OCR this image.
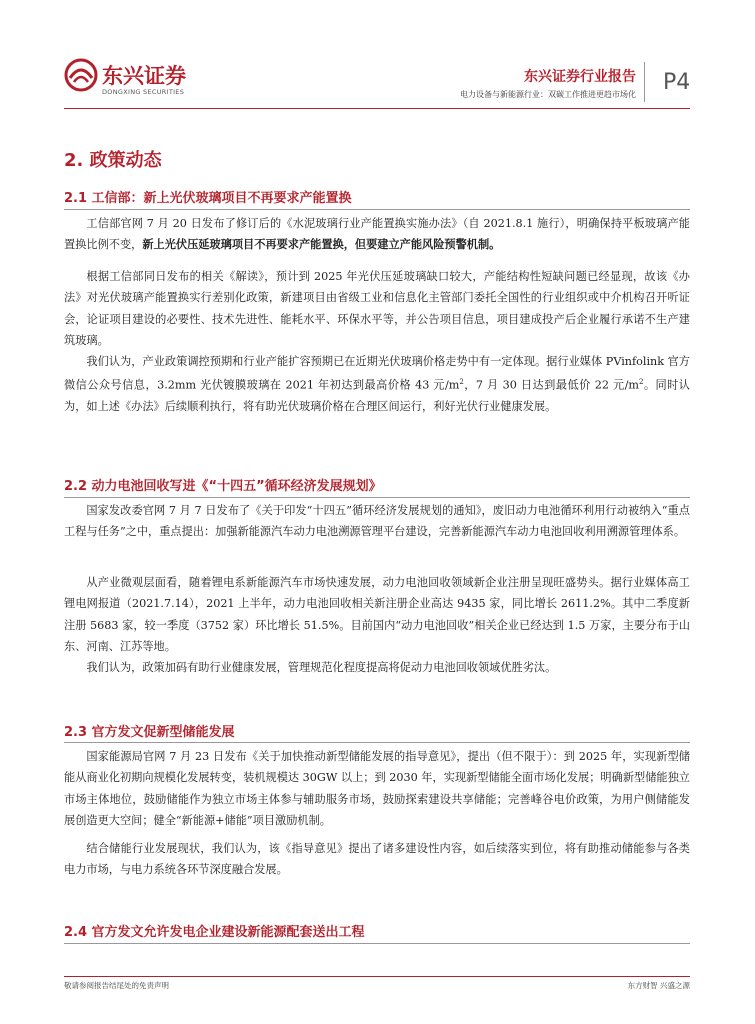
东兴证券
DONGXING SECURITIES
东兴证券行业报告
电力设备与新能源行业：双碳工作推进更趋市场化 P4
2. 政策动态
2.1 工信部：新上光伏玻璃项目不再要求产能置换

工信部官网 7 月 20 日发布了修订后的《水泥玻璃行业产能置换实施办法》（自 2021.8.1 施行），明确保持平板玻璃产能置换比例不变，新上光伏压延玻璃项目不再要求产能置换，但要建立产能风险预警机制。

根据工信部同日发布的相关《解读》，预计到 2025 年光伏压延玻璃缺口较大，产能结构性短缺问题已经显现，故该《办法》对光伏玻璃产能置换实行差别化政策，新建项目由省级工业和信息化主管部门委托全国性的行业组织或中介机构召开听证会，论证项目建设的必要性、技术先进性、能耗水平、环保水平等，并公告项目信息，项目建成投产后企业履行承诺不生产建筑玻璃。

我们认为，产业政策调控预期和行业产能扩容预期已在近期光伏玻璃价格走势中有一定体现。据行业媒体 PVinfolink 官方微信公众号信息，3.2mm 光伏镀膜玻璃在 2021 年初达到最高价格 43 元$/m^2$，7 月 30 日达到最低价 22 元$/m^2$。同时认为，如上述《办法》后续顺利执行，将有助光伏玻璃价格在合理区间运行，利好光伏行业健康发展。

2.2 动力电池回收写进《“十四五”循环经济发展规划》

国家发改委官网 7 月 7 日发布了《关于印发“十四五”循环经济发展规划的通知》，废旧动力电池循环利用行动被纳入“重点工程与任务”之中，重点提出：加强新能源汽车动力电池溯源管理平台建设，完善新能源汽车动力电池回收利用溯源管理体系。

从产业微观层面看，随着锂电系新能源汽车市场快速发展，动力电池回收领域新企业注册呈现旺盛势头。据行业媒体高工锂电网报道（2021.7.14），2021 上半年，动力电池回收相关新注册企业高达 9435 家，同比增长 2611.2%。其中二季度新注册 5683 家，较一季度（3752 家）环比增长 51.5%。目前国内“动力电池回收”相关企业已经达到 1.5 万家，主要分布于山东、河南、江苏等地。

我们认为，政策加码有助行业健康发展，管理规范化程度提高将促动力电池回收领域优胜劣汰。

2.3 官方发文促新型储能发展

国家能源局官网 7 月 23 日发布《关于加快推动新型储能发展的指导意见》，提出（但不限于）：到 2025 年，实现新型储能从商业化初期向规模化发展转变，装机规模达 30GW 以上；到 2030 年，实现新型储能全面市场化发展；明确新型储能独立市场主体地位，鼓励储能作为独立市场主体参与辅助服务市场，鼓励探索建设共享储能；完善峰谷电价政策，为用户侧储能发展创造更大空间；健全“新能源+储能”项目激励机制。

结合储能行业发展现状，我们认为，该《指导意见》提出了诸多建设性内容，如后续落实到位，将有助推动储能参与各类电力市场，与电力系统各环节深度融合发展。

2.4 官方发文允许发电企业建设新能源配套送出工程
敬请参阅报告结尾处的免责声明	东方财智 兴盛之源
